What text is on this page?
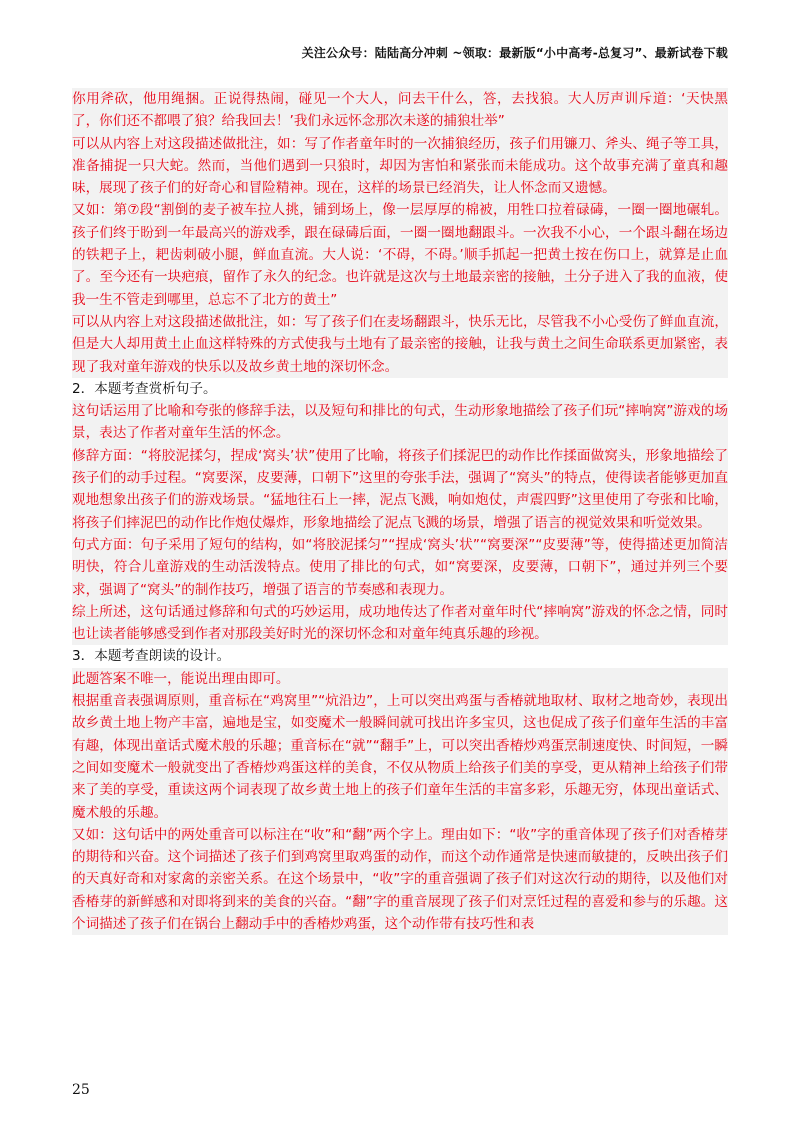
关注公众号：陆陆高分冲刺 ~领取：最新版“小中高考-总复习”、最新试卷下载

你用斧砍，他用绳捆。正说得热闹，碰见一个大人，问去干什么，答，去找狼。大人厉声训斥道：‘天快黑了，你们还不都喂了狼？给我回去！’我们永远怀念那次未遂的捕狼壮举”

可以从内容上对这段描述做批注，如：写了作者童年时的一次捕狼经历，孩子们用镰刀、斧头、绳子等工具，准备捕捉一只大蛇。然而，当他们遇到一只狼时，却因为害怕和紧张而未能成功。这个故事充满了童真和趣味，展现了孩子们的好奇心和冒险精神。现在，这样的场景已经消失，让人怀念而又遗憾。

又如：第⑦段“割倒的麦子被车拉人挑，铺到场上，像一层厚厚的棉被，用牲口拉着碌碡，一圈一圈地碾轧。孩子们终于盼到一年最高兴的游戏季，跟在碌碡后面，一圈一圈地翻跟斗。一次我不小心，一个跟斗翻在场边的铁耙子上，耙齿刺破小腿，鲜血直流。大人说：‘不碍，不碍。’顺手抓起一把黄土按在伤口上，就算是止血了。至今还有一块疤痕，留作了永久的纪念。也许就是这次与土地最亲密的接触，土分子进入了我的血液，使我一生不管走到哪里，总忘不了北方的黄土”

可以从内容上对这段描述做批注，如：写了孩子们在麦场翻跟斗，快乐无比，尽管我不小心受伤了鲜血直流，但是大人却用黄土止血这样特殊的方式使我与土地有了最亲密的接触，让我与黄土之间生命联系更加紧密，表现了我对童年游戏的快乐以及故乡黄土地的深切怀念。

2．本题考查赏析句子。

这句话运用了比喻和夸张的修辞手法，以及短句和排比的句式，生动形象地描绘了孩子们玩“摔响窝”游戏的场景，表达了作者对童年生活的怀念。

修辞方面：“将胶泥揉匀，捏成‘窝头’状”使用了比喻，将孩子们揉泥巴的动作比作揉面做窝头，形象地描绘了孩子们的动手过程。“窝要深，皮要薄，口朝下”这里的夸张手法，强调了“窝头”的特点，使得读者能够更加直观地想象出孩子们的游戏场景。“猛地往石上一摔，泥点飞溅，响如炮仗，声震四野”这里使用了夸张和比喻，将孩子们摔泥巴的动作比作炮仗爆炸，形象地描绘了泥点飞溅的场景，增强了语言的视觉效果和听觉效果。

句式方面：句子采用了短句的结构，如“将胶泥揉匀”“捏成‘窝头’状”“窝要深”“皮要薄”等，使得描述更加简洁明快，符合儿童游戏的生动活泼特点。使用了排比的句式，如“窝要深，皮要薄，口朝下”，通过并列三个要求，强调了“窝头”的制作技巧，增强了语言的节奏感和表现力。

综上所述，这句话通过修辞和句式的巧妙运用，成功地传达了作者对童年时代“摔响窝”游戏的怀念之情，同时也让读者能够感受到作者对那段美好时光的深切怀念和对童年纯真乐趣的珍视。

3．本题考查朗读的设计。

此题答案不唯一，能说出理由即可。

根据重音表强调原则，重音标在“鸡窝里”“炕沿边”，上可以突出鸡蛋与香椿就地取材、取材之地奇妙，表现出故乡黄土地上物产丰富，遍地是宝，如变魔术一般瞬间就可找出许多宝贝，这也促成了孩子们童年生活的丰富有趣，体现出童话式魔术般的乐趣；重音标在“就”“翻手”上，可以突出香椿炒鸡蛋烹制速度快、时间短，一瞬之间如变魔术一般就变出了香椿炒鸡蛋这样的美食，不仅从物质上给孩子们美的享受，更从精神上给孩子们带来了美的享受，重读这两个词表现了故乡黄土地上的孩子们童年生活的丰富多彩，乐趣无穷，体现出童话式、魔术般的乐趣。

又如：这句话中的两处重音可以标注在“收”和“翻”两个字上。理由如下：“收”字的重音体现了孩子们对香椿芽的期待和兴奋。这个词描述了孩子们到鸡窝里取鸡蛋的动作，而这个动作通常是快速而敏捷的，反映出孩子们的天真好奇和对家禽的亲密关系。在这个场景中，“收”字的重音强调了孩子们对这次行动的期待，以及他们对香椿芽的新鲜感和对即将到来的美食的兴奋。“翻”字的重音展现了孩子们对烹饪过程的喜爱和参与的乐趣。这个词描述了孩子们在锅台上翻动手中的香椿炒鸡蛋，这个动作带有技巧性和表

25
